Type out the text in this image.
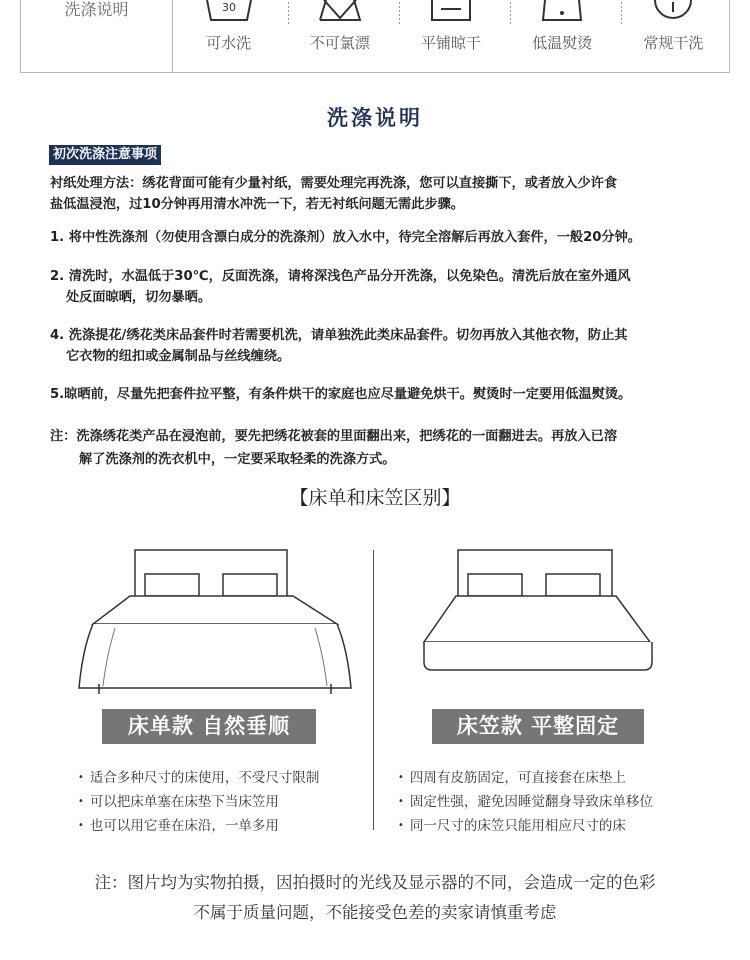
洗涤说明	30
可水洗	不可氯漂	平铺晾干	低温熨烫	常规干洗
洗涤说明
初次洗涤注意事项
衬纸处理方法：绣花背面可能有少量衬纸，需要处理完再洗涤，您可以直接撕下，或者放入少许食
盐低温浸泡，过10分钟再用清水冲洗一下，若无衬纸问题无需此步骤。
1. 将中性洗涤剂（勿使用含漂白成分的洗涤剂）放入水中，待完全溶解后再放入套件，一般20分钟。
2. 清洗时，水温低于30℃，反面洗涤，请将深浅色产品分开洗涤，以免染色。清洗后放在室外通风
处反面晾晒，切勿暴晒。
4. 洗涤提花/绣花类床品套件时若需要机洗，请单独洗此类床品套件。切勿再放入其他衣物，防止其
它衣物的纽扣或金属制品与丝线缠绕。
5.晾晒前，尽量先把套件拉平整，有条件烘干的家庭也应尽量避免烘干。熨烫时一定要用低温熨烫。
注：洗涤绣花类产品在浸泡前，要先把绣花被套的里面翻出来，把绣花的一面翻进去。再放入已溶
解了洗涤剂的洗衣机中，一定要采取轻柔的洗涤方式。
【床单和床笠区别】
床单款 自然垂顺	床笠款 平整固定
• 适合多种尺寸的床使用，不受尺寸限制
• 可以把床单塞在床垫下当床笠用
• 也可以用它垂在床沿，一单多用
• 四周有皮筋固定，可直接套在床垫上
• 固定性强，避免因睡觉翻身导致床单移位
• 同一尺寸的床笠只能用相应尺寸的床
注：图片均为实物拍摄，因拍摄时的光线及显示器的不同，会造成一定的色彩
不属于质量问题，不能接受色差的卖家请慎重考虑
